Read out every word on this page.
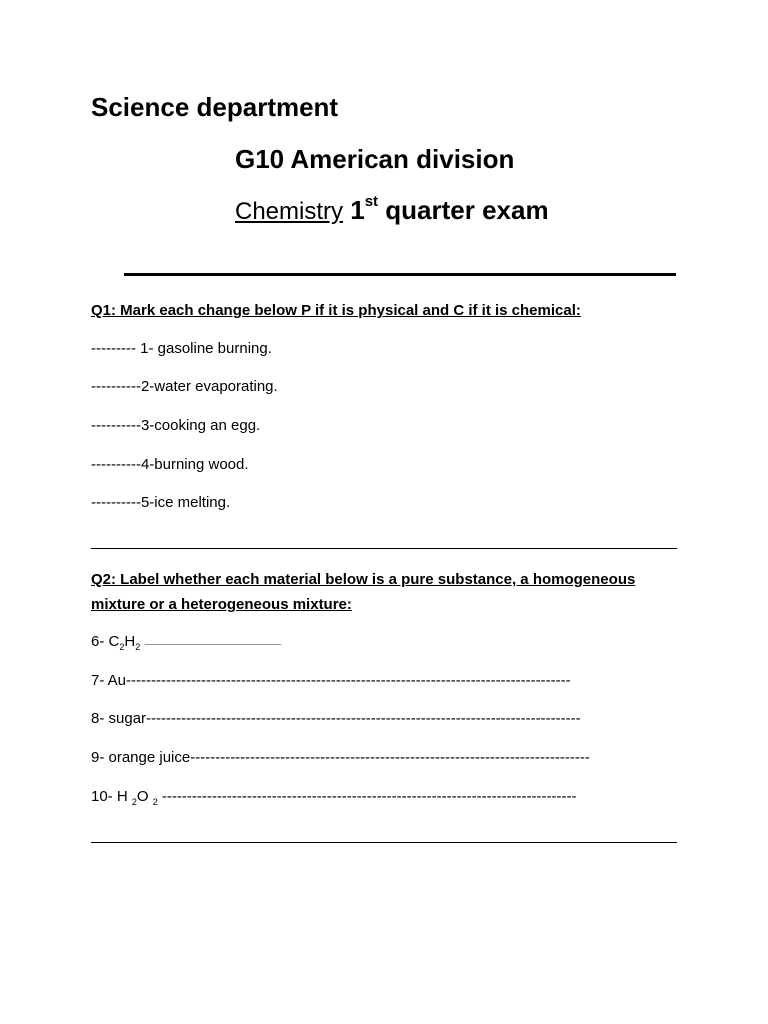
Science department
G10 American division
Chemistry 1st quarter exam
Q1: Mark each change below P if it is physical and C if it is chemical:
--------- 1- gasoline burning.
----------2-water evaporating.
----------3-cooking an egg.
----------4-burning wood.
----------5-ice melting.
Q2: Label whether each material below is a pure substance, a homogeneous
mixture or a heterogeneous mixture:
6- $C_2H_2$ --------------------------------------------------------------------------------------------------------------------------------
7- Au-----------------------------------------------------------------------------------------
8- sugar---------------------------------------------------------------------------------------
9- orange juice--------------------------------------------------------------------------------
10- H $_2$O $_2$ -----------------------------------------------------------------------------------
